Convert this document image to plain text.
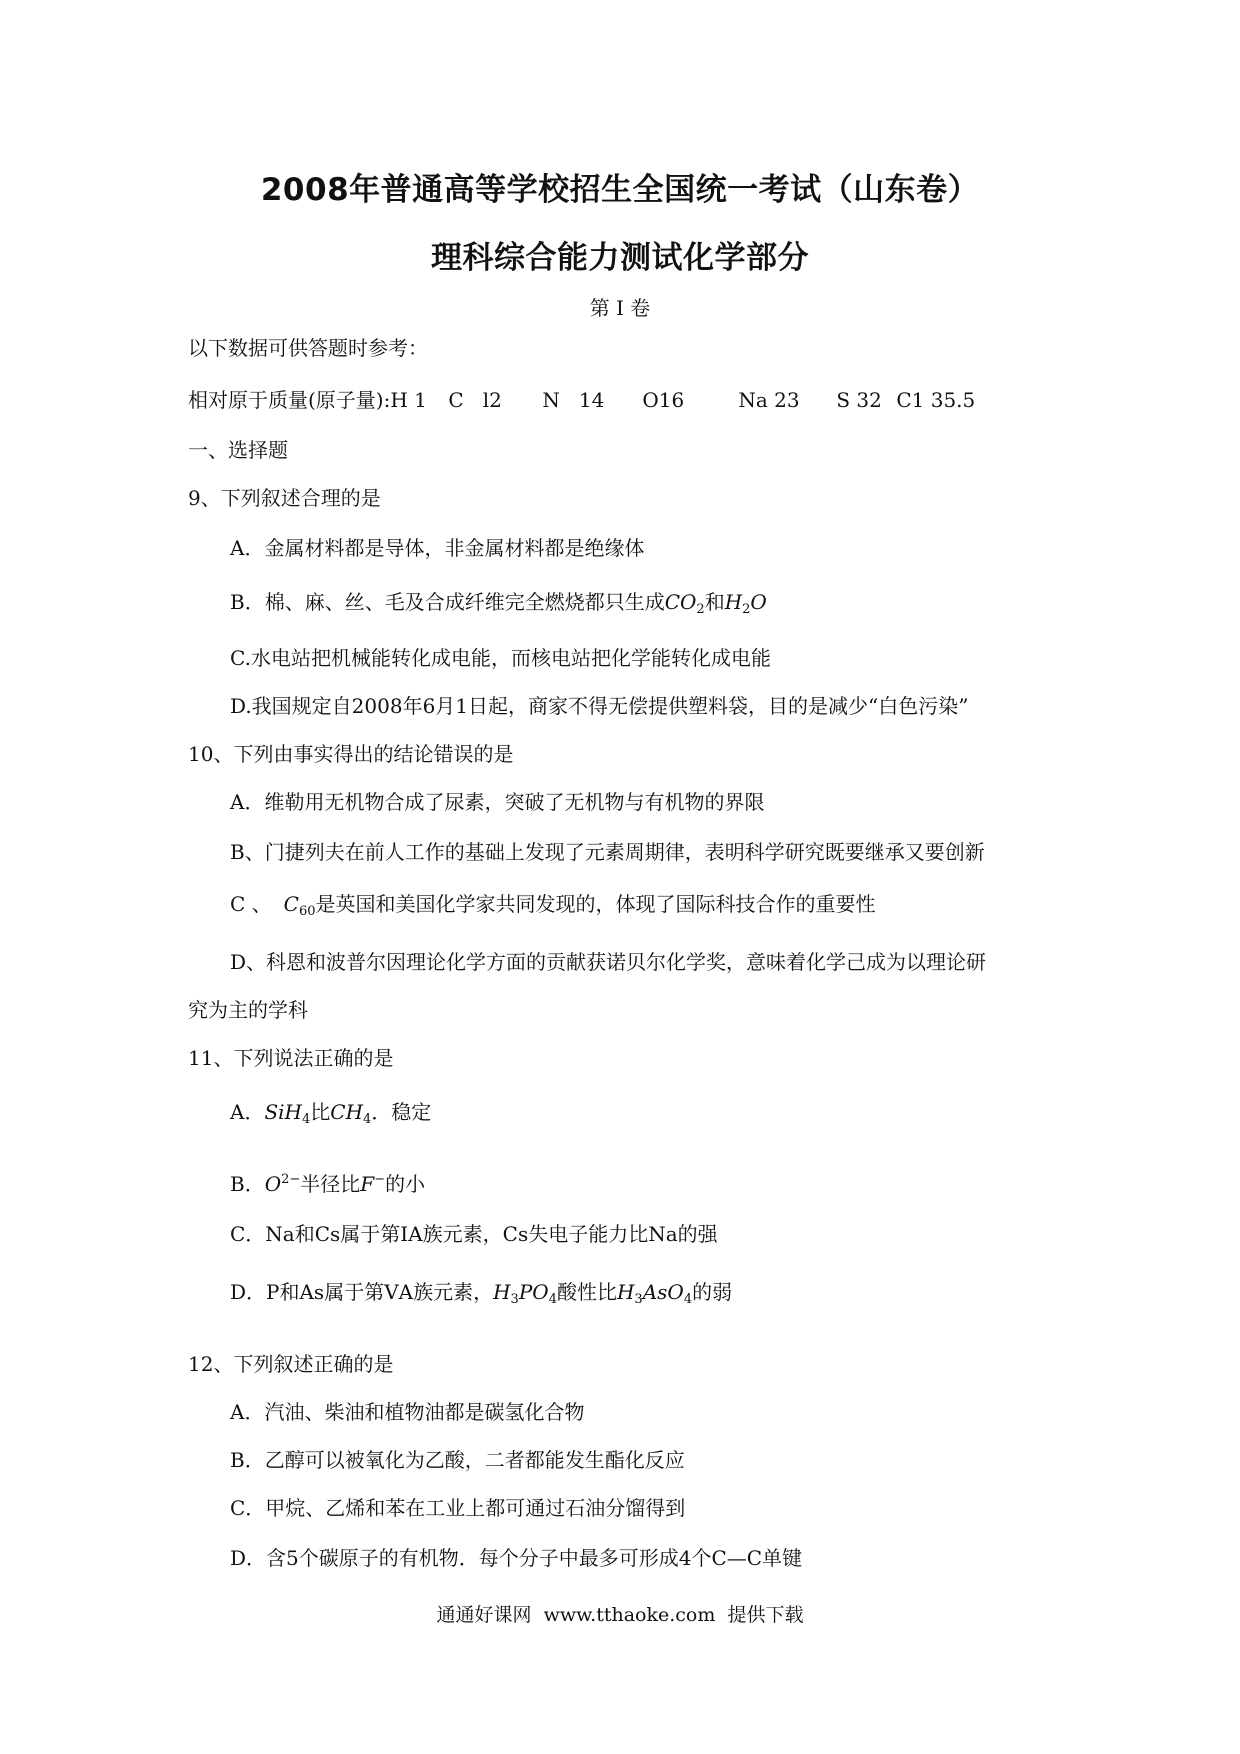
2008年普通高等学校招生全国统一考试（山东卷）
理科综合能力测试化学部分
第 I 卷
以下数据可供答题时参考：
相对原于质量(原子量):H 1 C   l2 N   14 O16	Na 23 S 32 C1 35.5
一、选择题
9、下列叙述合理的是
A．金属材料都是导体，非金属材料都是绝缘体
B．棉、麻、丝、毛及合成纤维完全燃烧都只生成$CO_2$和$H_2O$
C.水电站把机械能转化成电能，而核电站把化学能转化成电能
D.我国规定自2008年6月1日起，商家不得无偿提供塑料袋，目的是减少“白色污染”
10、下列由事实得出的结论错误的是
A．维勒用无机物合成了尿素，突破了无机物与有机物的界限
B、门捷列夫在前人工作的基础上发现了元素周期律，表明科学研究既要继承又要创新
C 、 $C_{60}$是英国和美国化学家共同发现的，体现了国际科技合作的重要性
D、科恩和波普尔因理论化学方面的贡献获诺贝尔化学奖，意味着化学己成为以理论研
究为主的学科
11、下列说法正确的是
A．SiH$_4$比$CH_4$．稳定
B．$O^{2-}$半径比F−的小
C．Na和Cs属于第ⅠA族元素，Cs失电子能力比Na的强
D．P和As属于第ⅤA族元素，$H_3PO_4$酸性比$H_3AsO_4$的弱
12、下列叙述正确的是
A．汽油、柴油和植物油都是碳氢化合物
B．乙醇可以被氧化为乙酸，二者都能发生酯化反应
C．甲烷、乙烯和苯在工业上都可通过石油分馏得到
D．含5个碳原子的有机物．每个分子中最多可形成4个C—C单键
通通好课网  www.tthaoke.com  提供下载
